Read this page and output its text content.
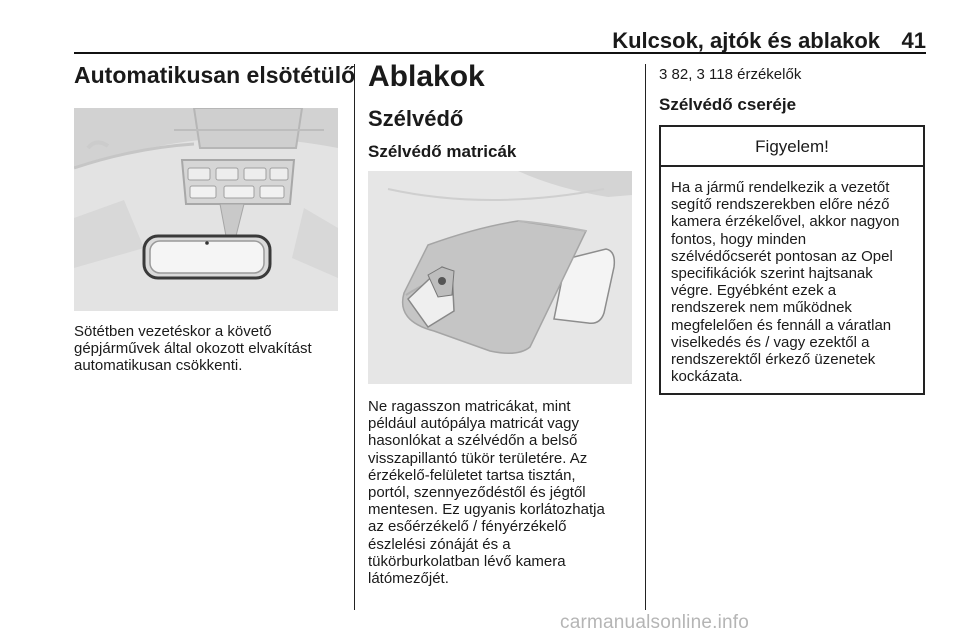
Kulcsok, ajtók és ablakok 41
Automatikusan elsötétülő
Sötétben vezetéskor a követő
gépjárművek által okozott elvakítást
automatikusan csökkenti.
Ablakok
Szélvédő
Szélvédő matricák
Ne ragasszon matricákat, mint
például autópálya matricát vagy
hasonlókat a szélvédőn a belső
visszapillantó tükör területére. Az
érzékelő-felületet tartsa tisztán,
portól, szennyeződéstől és jégtől
mentesen. Ez ugyanis korlátozhatja
az esőérzékelő / fényérzékelő
észlelési zónáját és a
tükörburkolatban lévő kamera
látómezőjét.
3 82, 3 118 érzékelők
Szélvédő cseréje
Figyelem!
Ha a jármű rendelkezik a vezetőt
segítő rendszerekben előre néző
kamera érzékelővel, akkor nagyon
fontos, hogy minden
szélvédőcserét pontosan az Opel
specifikációk szerint hajtsanak
végre. Egyébként ezek a
rendszerek nem működnek
megfelelően és fennáll a váratlan
viselkedés és / vagy ezektől a
rendszerektől érkező üzenetek
kockázata.
carmanualsonline.info
